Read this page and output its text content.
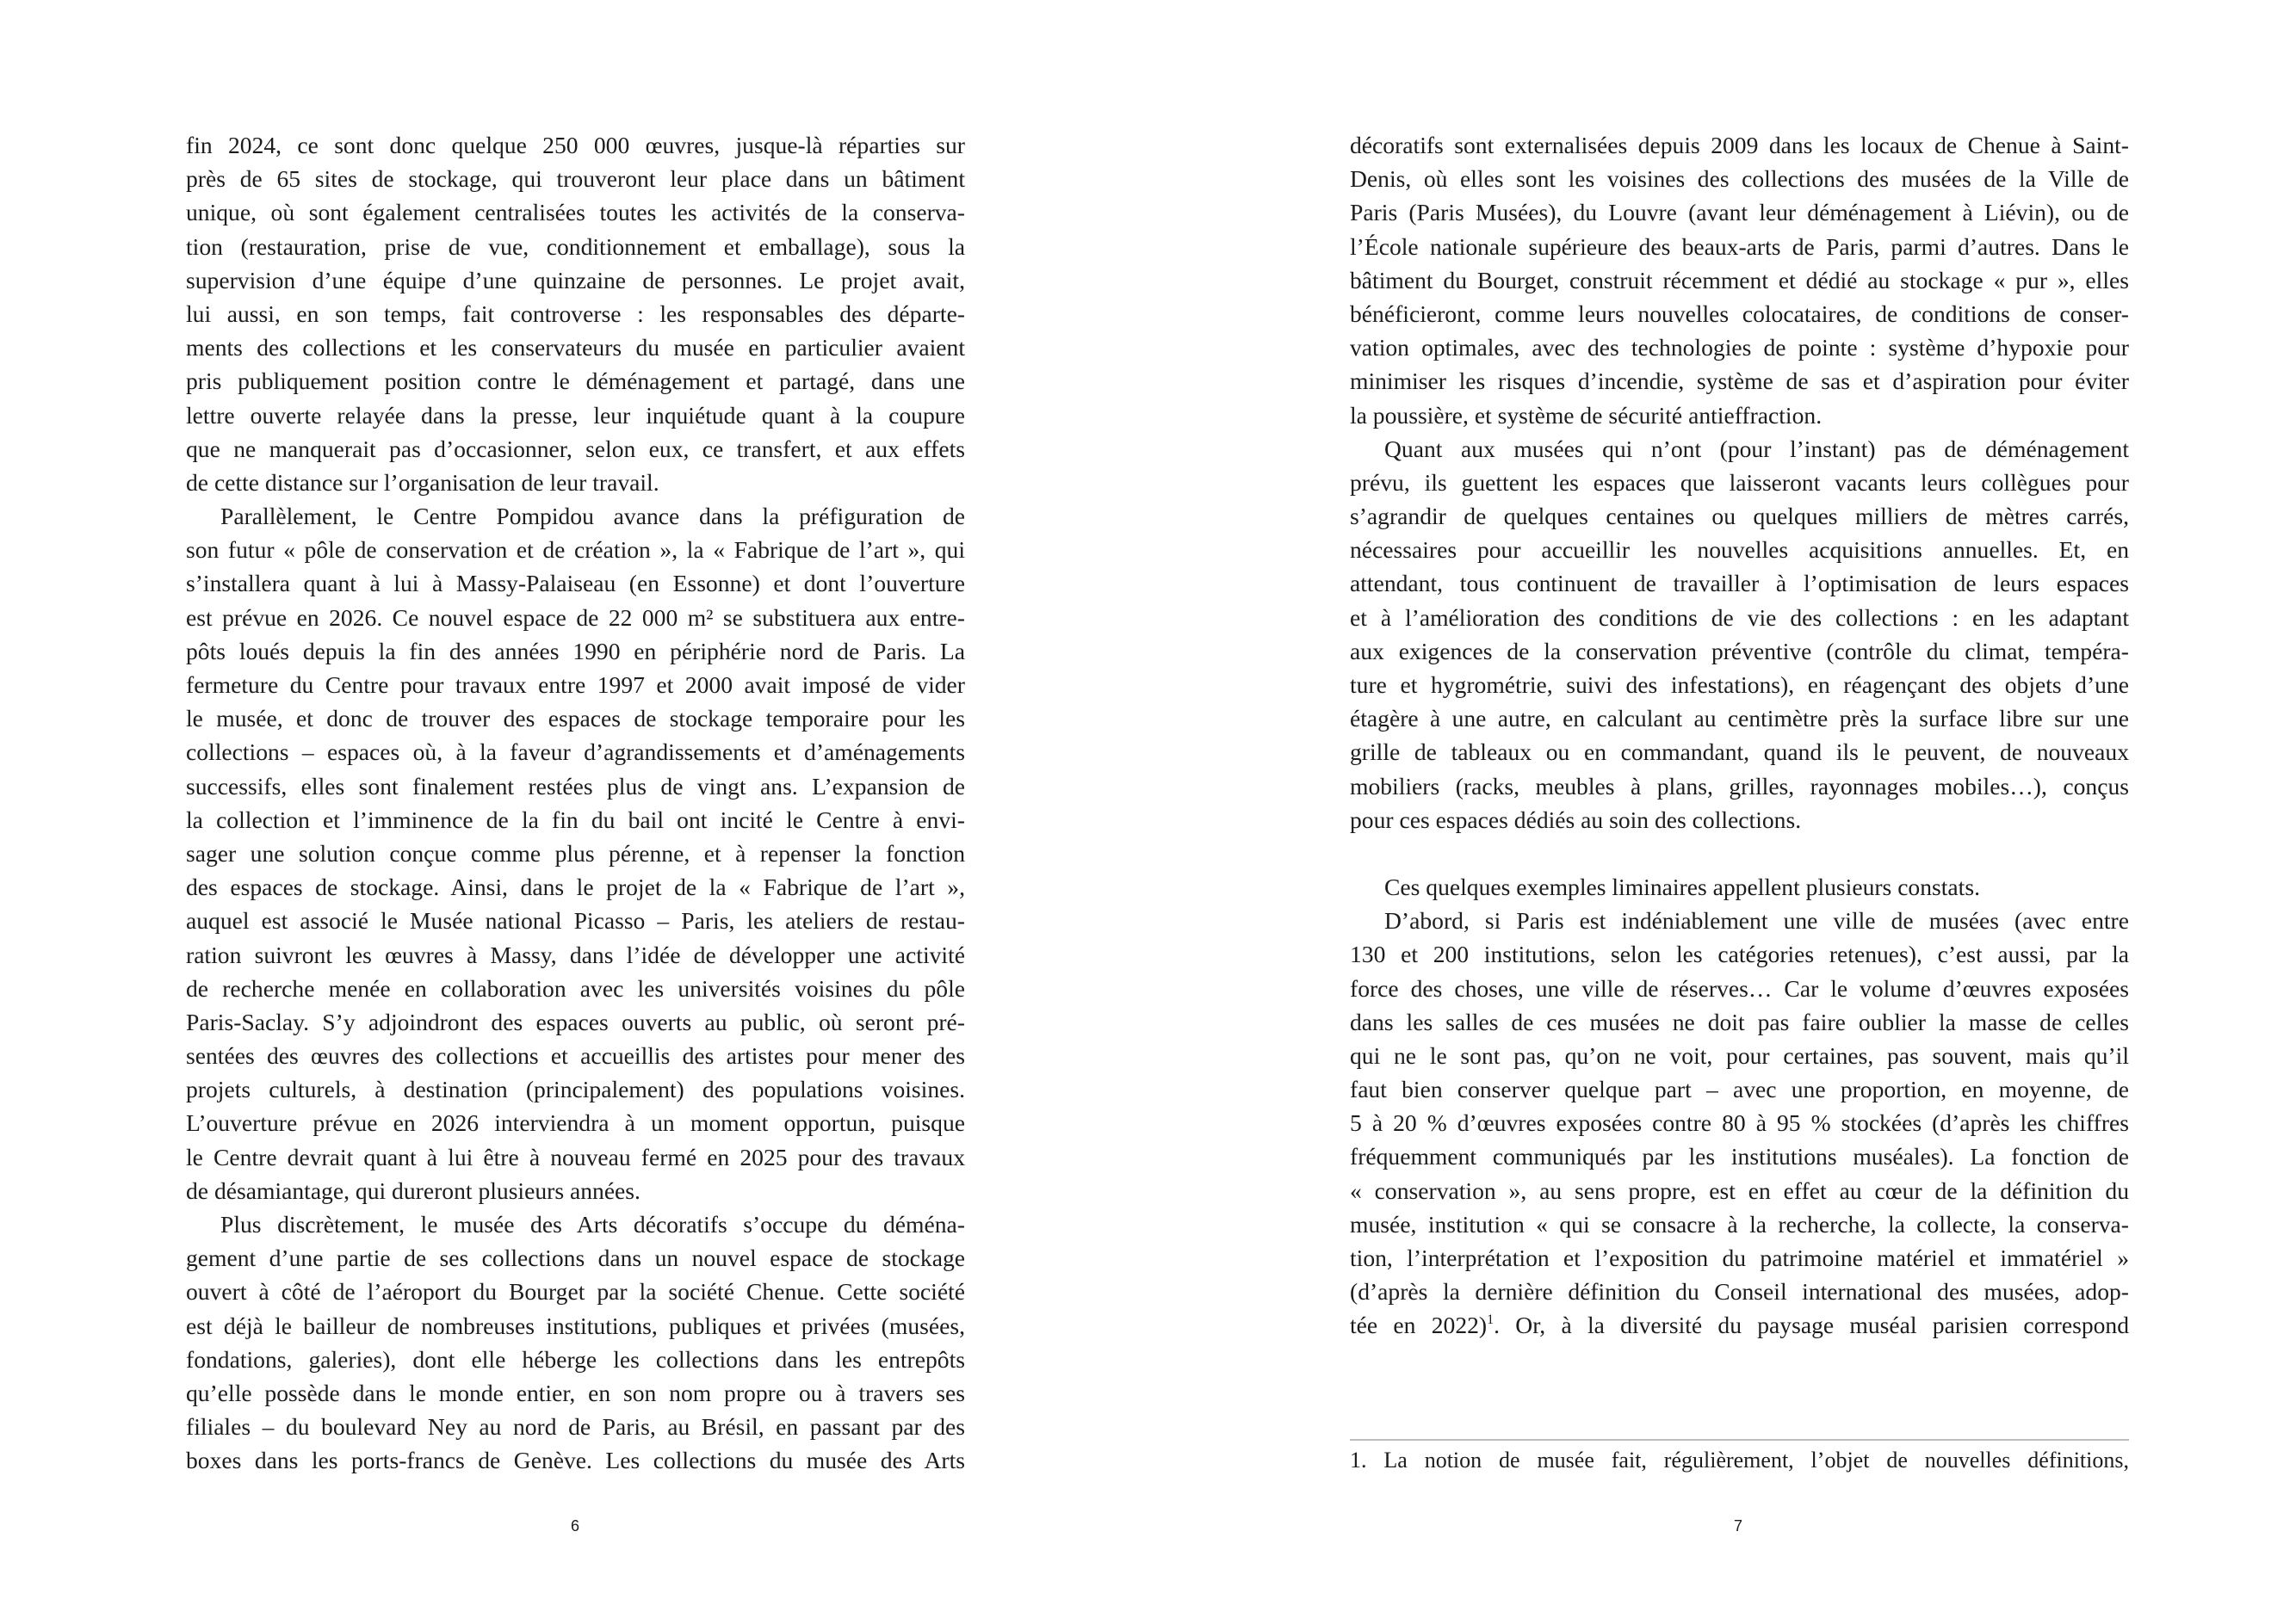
fin 2024, ce sont donc quelque 250 000 œuvres, jusque-là réparties sur
près de 65 sites de stockage, qui trouveront leur place dans un bâtiment
unique, où sont également centralisées toutes les activités de la conserva-
tion (restauration, prise de vue, conditionnement et emballage), sous la
supervision d’une équipe d’une quinzaine de personnes. Le projet avait,
lui aussi, en son temps, fait controverse : les responsables des départe-
ments des collections et les conservateurs du musée en particulier avaient
pris publiquement position contre le déménagement et partagé, dans une
lettre ouverte relayée dans la presse, leur inquiétude quant à la coupure
que ne manquerait pas d’occasionner, selon eux, ce transfert, et aux effets
de cette distance sur l’organisation de leur travail.
Parallèlement, le Centre Pompidou avance dans la préfiguration de
son futur « pôle de conservation et de création », la « Fabrique de l’art », qui
s’installera quant à lui à Massy-Palaiseau (en Essonne) et dont l’ouverture
est prévue en 2026. Ce nouvel espace de 22 000 m² se substituera aux entre-
pôts loués depuis la fin des années 1990 en périphérie nord de Paris. La
fermeture du Centre pour travaux entre 1997 et 2000 avait imposé de vider
le musée, et donc de trouver des espaces de stockage temporaire pour les
collections – espaces où, à la faveur d’agrandissements et d’aménagements
successifs, elles sont finalement restées plus de vingt ans. L’expansion de
la collection et l’imminence de la fin du bail ont incité le Centre à envi-
sager une solution conçue comme plus pérenne, et à repenser la fonction
des espaces de stockage. Ainsi, dans le projet de la « Fabrique de l’art »,
auquel est associé le Musée national Picasso – Paris, les ateliers de restau-
ration suivront les œuvres à Massy, dans l’idée de développer une activité
de recherche menée en collaboration avec les universités voisines du pôle
Paris-Saclay. S’y adjoindront des espaces ouverts au public, où seront pré-
sentées des œuvres des collections et accueillis des artistes pour mener des
projets culturels, à destination (principalement) des populations voisines.
L’ouverture prévue en 2026 interviendra à un moment opportun, puisque
le Centre devrait quant à lui être à nouveau fermé en 2025 pour des travaux
de désamiantage, qui dureront plusieurs années.
Plus discrètement, le musée des Arts décoratifs s’occupe du déména-
gement d’une partie de ses collections dans un nouvel espace de stockage
ouvert à côté de l’aéroport du Bourget par la société Chenue. Cette société
est déjà le bailleur de nombreuses institutions, publiques et privées (musées,
fondations, galeries), dont elle héberge les collections dans les entrepôts
qu’elle possède dans le monde entier, en son nom propre ou à travers ses
filiales – du boulevard Ney au nord de Paris, au Brésil, en passant par des
boxes dans les ports-francs de Genève. Les collections du musée des Arts
6
décoratifs sont externalisées depuis 2009 dans les locaux de Chenue à Saint-
Denis, où elles sont les voisines des collections des musées de la Ville de
Paris (Paris Musées), du Louvre (avant leur déménagement à Liévin), ou de
l’École nationale supérieure des beaux-arts de Paris, parmi d’autres. Dans le
bâtiment du Bourget, construit récemment et dédié au stockage « pur », elles
bénéficieront, comme leurs nouvelles colocataires, de conditions de conser-
vation optimales, avec des technologies de pointe : système d’hypoxie pour
minimiser les risques d’incendie, système de sas et d’aspiration pour éviter
la poussière, et système de sécurité antieffraction.
Quant aux musées qui n’ont (pour l’instant) pas de déménagement
prévu, ils guettent les espaces que laisseront vacants leurs collègues pour
s’agrandir de quelques centaines ou quelques milliers de mètres carrés,
nécessaires pour accueillir les nouvelles acquisitions annuelles. Et, en
attendant, tous continuent de travailler à l’optimisation de leurs espaces
et à l’amélioration des conditions de vie des collections : en les adaptant
aux exigences de la conservation préventive (contrôle du climat, tempéra-
ture et hygrométrie, suivi des infestations), en réagençant des objets d’une
étagère à une autre, en calculant au centimètre près la surface libre sur une
grille de tableaux ou en commandant, quand ils le peuvent, de nouveaux
mobiliers (racks, meubles à plans, grilles, rayonnages mobiles…), conçus
pour ces espaces dédiés au soin des collections.
Ces quelques exemples liminaires appellent plusieurs constats.
D’abord, si Paris est indéniablement une ville de musées (avec entre
130 et 200 institutions, selon les catégories retenues), c’est aussi, par la
force des choses, une ville de réserves… Car le volume d’œuvres exposées
dans les salles de ces musées ne doit pas faire oublier la masse de celles
qui ne le sont pas, qu’on ne voit, pour certaines, pas souvent, mais qu’il
faut bien conserver quelque part – avec une proportion, en moyenne, de
5 à 20 % d’œuvres exposées contre 80 à 95 % stockées (d’après les chiffres
fréquemment communiqués par les institutions muséales). La fonction de
« conservation », au sens propre, est en effet au cœur de la définition du
musée, institution « qui se consacre à la recherche, la collecte, la conserva-
tion, l’interprétation et l’exposition du patrimoine matériel et immatériel »
(d’après la dernière définition du Conseil international des musées, adop-
tée en 2022)$^1$. Or, à la diversité du paysage muséal parisien correspond
1. La notion de musée fait, régulièrement, l’objet de nouvelles définitions,
7
